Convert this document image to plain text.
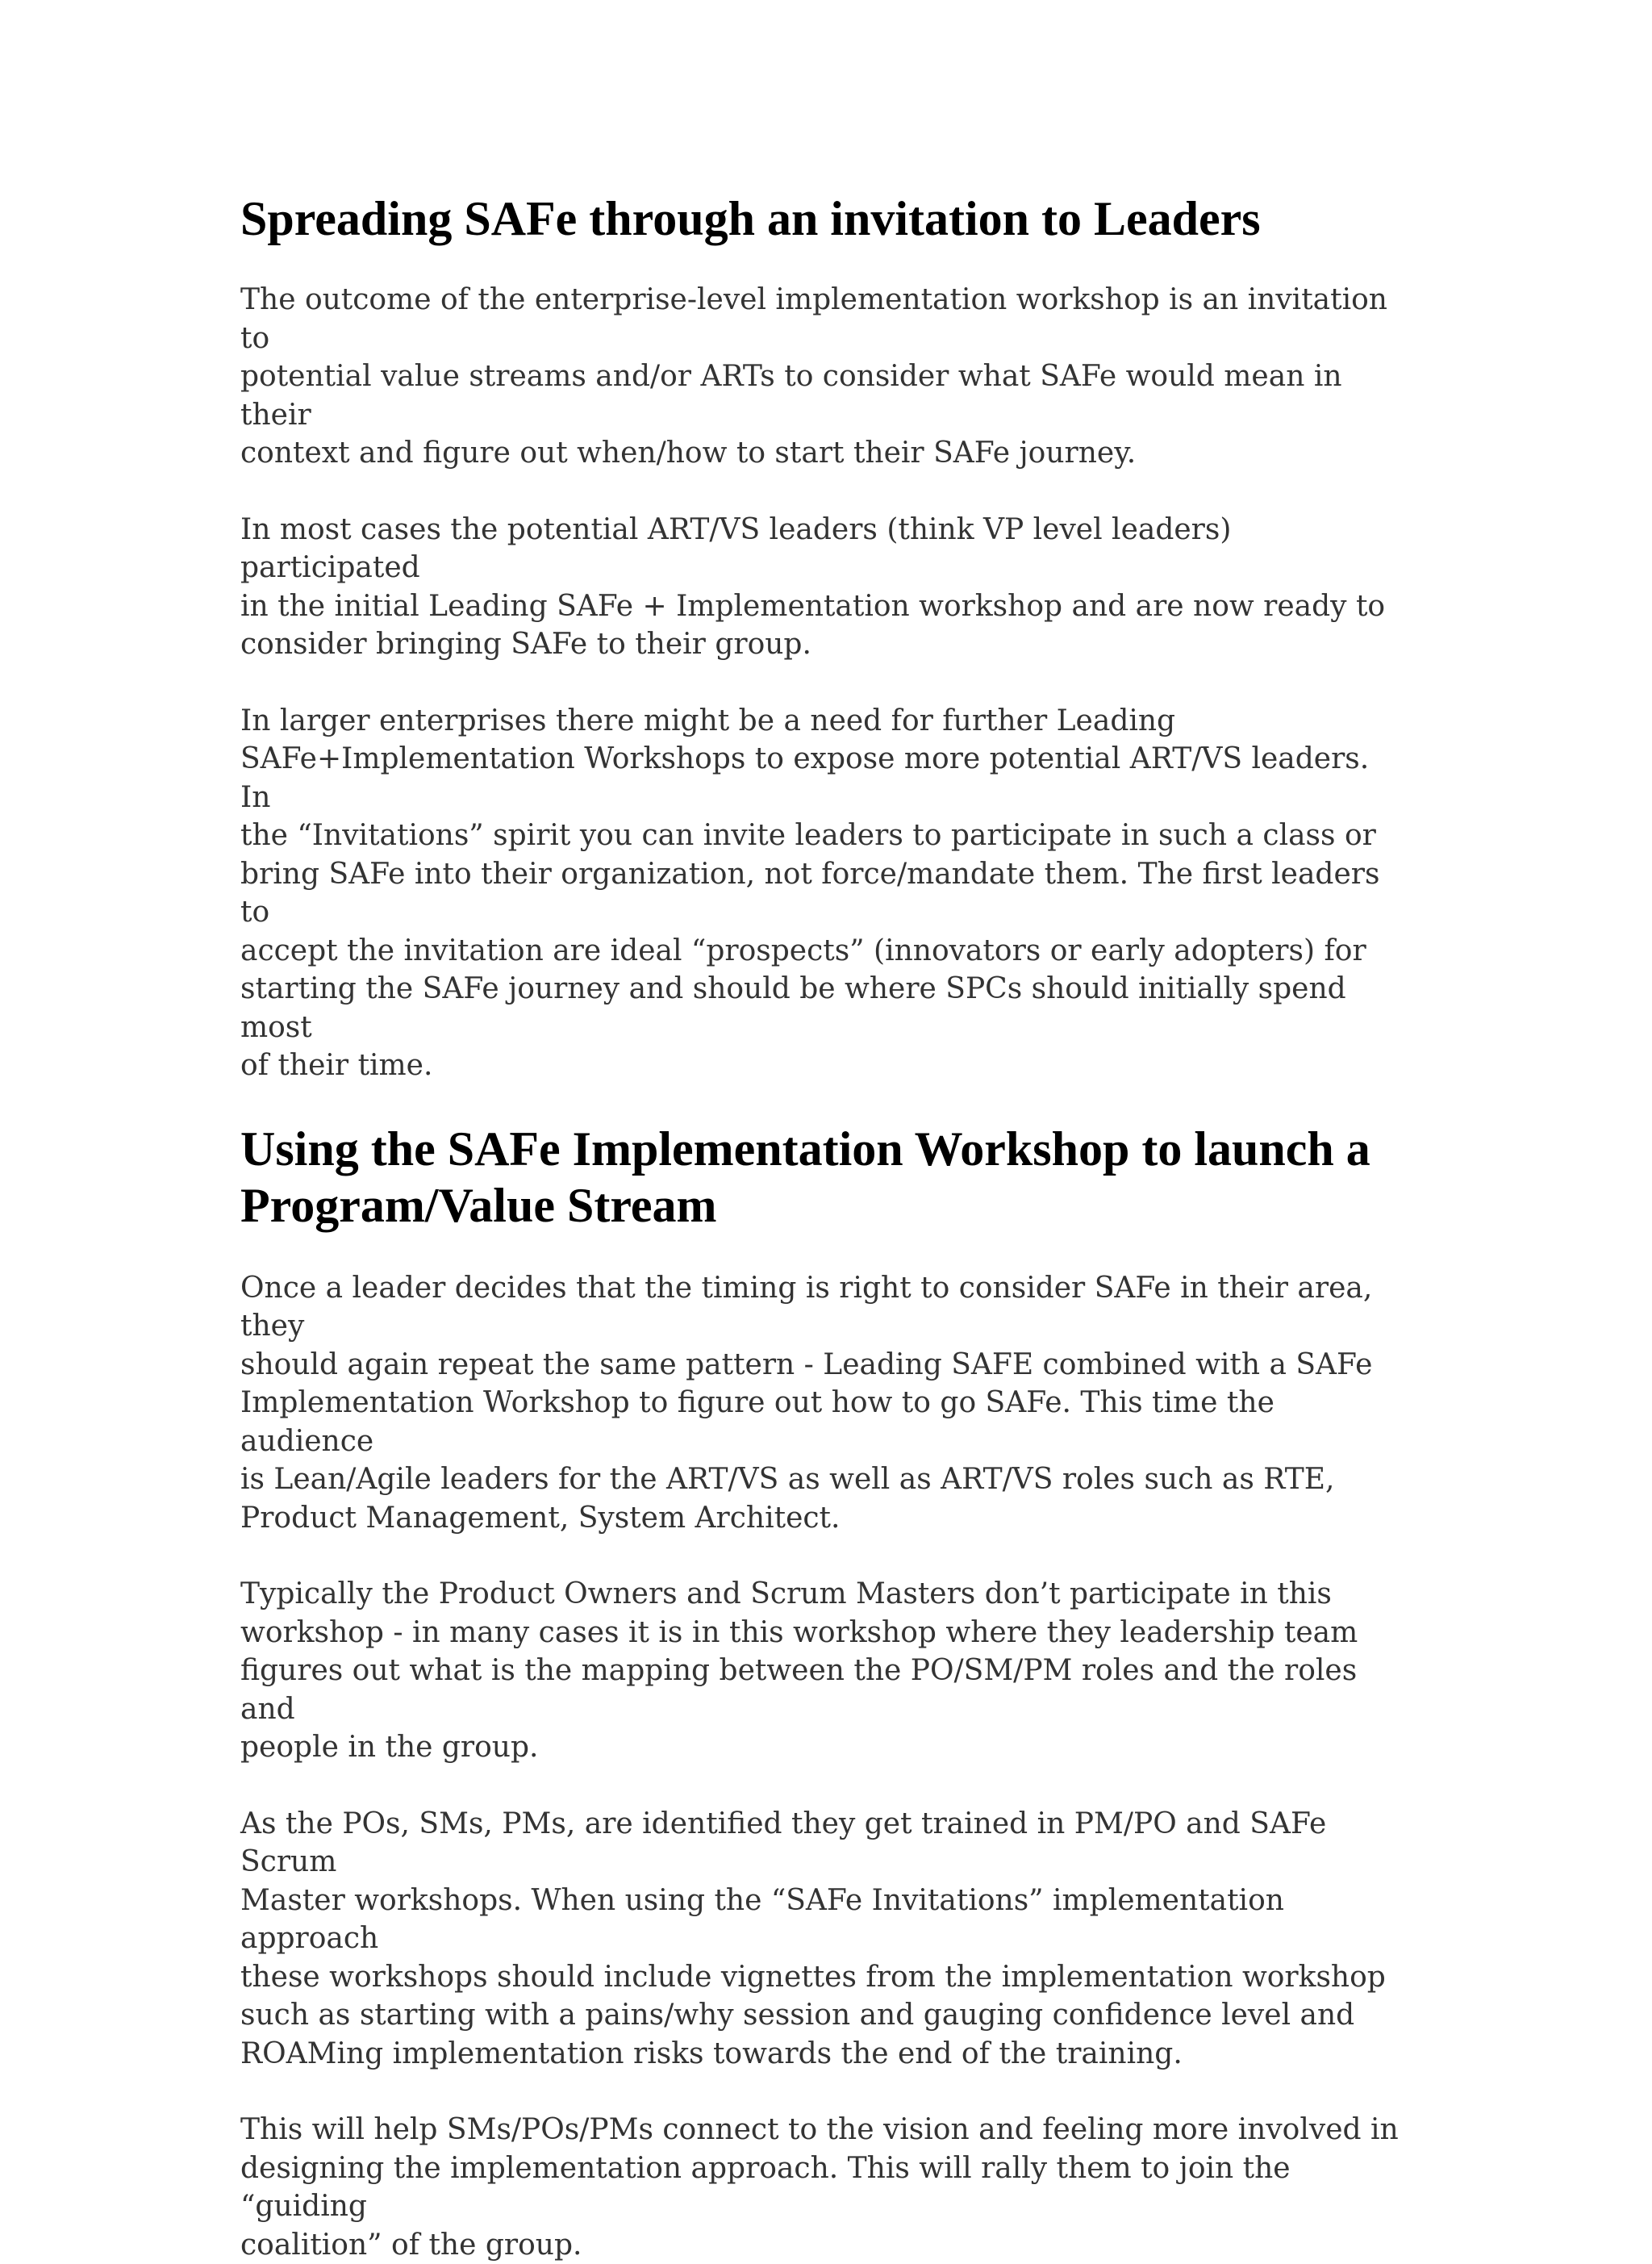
Spreading SAFe through an invitation to Leaders

The outcome of the enterprise-level implementation workshop is an invitation to
potential value streams and/or ARTs to consider what SAFe would mean in their
context and figure out when/how to start their SAFe journey.

In most cases the potential ART/VS leaders (think VP level leaders) participated
in the initial Leading SAFe + Implementation workshop and are now ready to
consider bringing SAFe to their group.

In larger enterprises there might be a need for further Leading
SAFe+Implementation Workshops to expose more potential ART/VS leaders. In
the “Invitations” spirit you can invite leaders to participate in such a class or
bring SAFe into their organization, not force/mandate them. The first leaders to
accept the invitation are ideal “prospects” (innovators or early adopters) for
starting the SAFe journey and should be where SPCs should initially spend most
of their time.

Using the SAFe Implementation Workshop to launch a
Program/Value Stream

Once a leader decides that the timing is right to consider SAFe in their area, they
should again repeat the same pattern - Leading SAFE combined with a SAFe
Implementation Workshop to figure out how to go SAFe. This time the audience
is Lean/Agile leaders for the ART/VS as well as ART/VS roles such as RTE,
Product Management, System Architect.

Typically the Product Owners and Scrum Masters don’t participate in this
workshop - in many cases it is in this workshop where they leadership team
figures out what is the mapping between the PO/SM/PM roles and the roles and
people in the group.

As the POs, SMs, PMs, are identified they get trained in PM/PO and SAFe Scrum
Master workshops. When using the “SAFe Invitations” implementation approach
these workshops should include vignettes from the implementation workshop
such as starting with a pains/why session and gauging confidence level and
ROAMing implementation risks towards the end of the training.

This will help SMs/POs/PMs connect to the vision and feeling more involved in
designing the implementation approach. This will rally them to join the “guiding
coalition” of the group.
